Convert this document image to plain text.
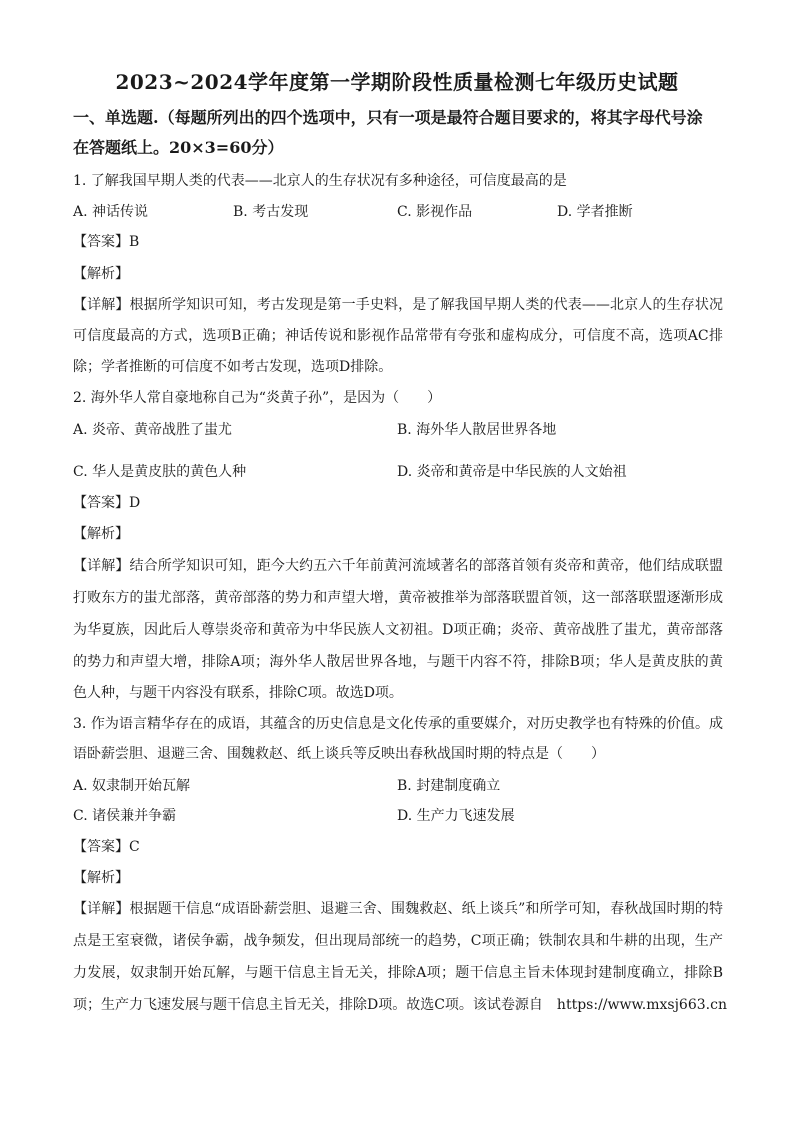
2023~2024学年度第一学期阶段性质量检测七年级历史试题
一、单选题.（每题所列出的四个选项中，只有一项是最符合题目要求的，将其字母代号涂
在答题纸上。20×3=60分）
1. 了解我国早期人类的代表——北京人的生存状况有多种途径，可信度最高的是
A. 神话传说	B. 考古发现	C. 影视作品	D. 学者推断
【答案】B
【解析】
【详解】根据所学知识可知，考古发现是第一手史料，是了解我国早期人类的代表——北京人的生存状况
可信度最高的方式，选项B正确；神话传说和影视作品常带有夸张和虚构成分，可信度不高，选项AC排
除；学者推断的可信度不如考古发现，选项D排除。
2. 海外华人常自豪地称自己为“炎黄子孙”，是因为（　　）
A. 炎帝、黄帝战胜了蚩尤	B. 海外华人散居世界各地
C. 华人是黄皮肤的黄色人种	D. 炎帝和黄帝是中华民族的人文始祖
【答案】D
【解析】
【详解】结合所学知识可知，距今大约五六千年前黄河流域著名的部落首领有炎帝和黄帝，他们结成联盟
打败东方的蚩尤部落，黄帝部落的势力和声望大增，黄帝被推举为部落联盟首领，这一部落联盟逐渐形成
为华夏族，因此后人尊崇炎帝和黄帝为中华民族人文初祖。D项正确；炎帝、黄帝战胜了蚩尤，黄帝部落
的势力和声望大增，排除A项；海外华人散居世界各地，与题干内容不符，排除B项；华人是黄皮肤的黄
色人种，与题干内容没有联系，排除C项。故选D项。
3. 作为语言精华存在的成语，其蕴含的历史信息是文化传承的重要媒介，对历史教学也有特殊的价值。成
语卧薪尝胆、退避三舍、围魏救赵、纸上谈兵等反映出春秋战国时期的特点是（　　）
A. 奴隶制开始瓦解	B. 封建制度确立
C. 诸侯兼并争霸	D. 生产力飞速发展
【答案】C
【解析】
【详解】根据题干信息“成语卧薪尝胆、退避三舍、围魏救赵、纸上谈兵”和所学可知，春秋战国时期的特
点是王室衰微，诸侯争霸，战争频发，但出现局部统一的趋势，C项正确；铁制农具和牛耕的出现，生产
力发展，奴隶制开始瓦解，与题干信息主旨无关，排除A项；题干信息主旨未体现封建制度确立，排除B
项；生产力飞速发展与题干信息主旨无关，排除D项。故选C项。该试卷源自　https://www.mxsj663.cn
